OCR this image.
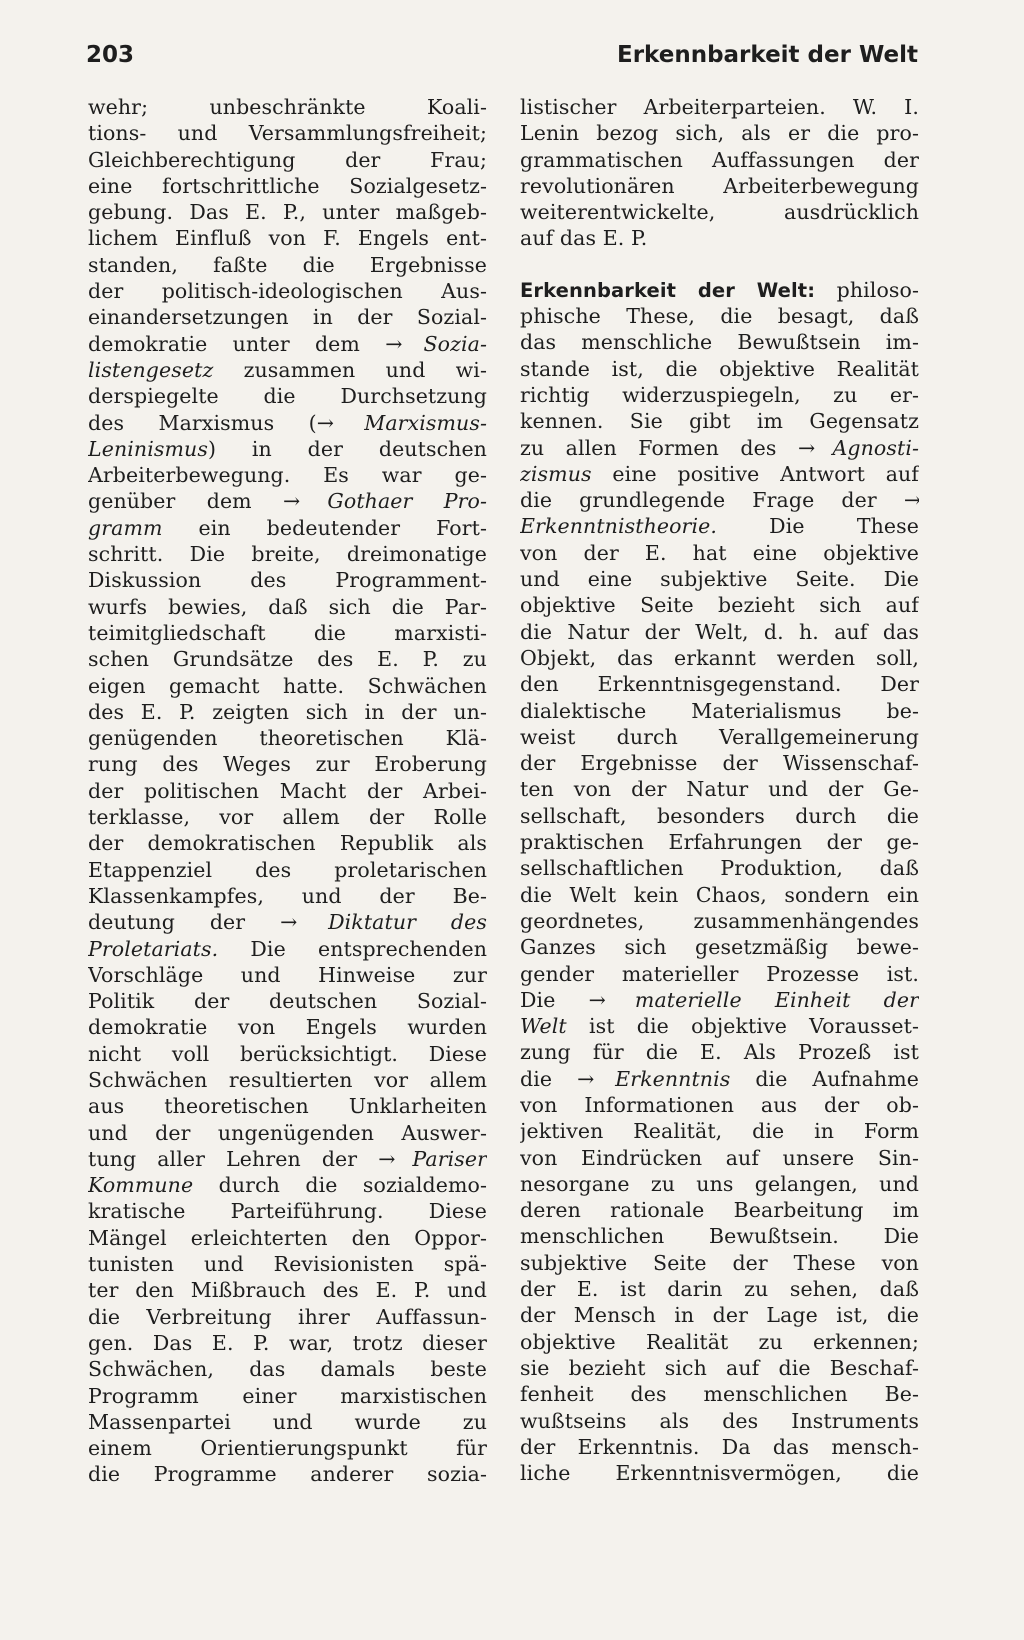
203	Erkennbarkeit der Welt
wehr; unbeschränkte Koali-
tions- und Versammlungsfreiheit;
Gleichberechtigung der Frau;
eine fortschrittliche Sozialgesetz-
gebung. Das E. P., unter maßgeb-
lichem Einfluß von F. Engels ent-
standen, faßte die Ergebnisse
der politisch-ideologischen Aus-
einandersetzungen in der Sozial-
demokratie unter dem → Sozia-
listengesetz zusammen und wi-
derspiegelte die Durchsetzung
des Marxismus (→ Marxismus-
Leninismus) in der deutschen
Arbeiterbewegung. Es war ge-
genüber dem → Gothaer Pro-
gramm ein bedeutender Fort-
schritt. Die breite, dreimonatige
Diskussion des Programment-
wurfs bewies, daß sich die Par-
teimitgliedschaft die marxisti-
schen Grundsätze des E. P. zu
eigen gemacht hatte. Schwächen
des E. P. zeigten sich in der un-
genügenden theoretischen Klä-
rung des Weges zur Eroberung
der politischen Macht der Arbei-
terklasse, vor allem der Rolle
der demokratischen Republik als
Etappenziel des proletarischen
Klassenkampfes, und der Be-
deutung der → Diktatur des
Proletariats. Die entsprechenden
Vorschläge und Hinweise zur
Politik der deutschen Sozial-
demokratie von Engels wurden
nicht voll berücksichtigt. Diese
Schwächen resultierten vor allem
aus theoretischen Unklarheiten
und der ungenügenden Auswer-
tung aller Lehren der → Pariser
Kommune durch die sozialdemo-
kratische Parteiführung. Diese
Mängel erleichterten den Oppor-
tunisten und Revisionisten spä-
ter den Mißbrauch des E. P. und
die Verbreitung ihrer Auffassun-
gen. Das E. P. war, trotz dieser
Schwächen, das damals beste
Programm einer marxistischen
Massenpartei und wurde zu
einem Orientierungspunkt für
die Programme anderer sozia-
listischer Arbeiterparteien. W. I.
Lenin bezog sich, als er die pro-
grammatischen Auffassungen der
revolutionären Arbeiterbewegung
weiterentwickelte, ausdrücklich
auf das E. P.
Erkennbarkeit der Welt: philoso-
phische These, die besagt, daß
das menschliche Bewußtsein im-
stande ist, die objektive Realität
richtig widerzuspiegeln, zu er-
kennen. Sie gibt im Gegensatz
zu allen Formen des → Agnosti-
zismus eine positive Antwort auf
die grundlegende Frage der →
Erkenntnistheorie. Die These
von der E. hat eine objektive
und eine subjektive Seite. Die
objektive Seite bezieht sich auf
die Natur der Welt, d. h. auf das
Objekt, das erkannt werden soll,
den Erkenntnisgegenstand. Der
dialektische Materialismus be-
weist durch Verallgemeinerung
der Ergebnisse der Wissenschaf-
ten von der Natur und der Ge-
sellschaft, besonders durch die
praktischen Erfahrungen der ge-
sellschaftlichen Produktion, daß
die Welt kein Chaos, sondern ein
geordnetes, zusammenhängendes
Ganzes sich gesetzmäßig bewe-
gender materieller Prozesse ist.
Die → materielle Einheit der
Welt ist die objektive Vorausset-
zung für die E. Als Prozeß ist
die → Erkenntnis die Aufnahme
von Informationen aus der ob-
jektiven Realität, die in Form
von Eindrücken auf unsere Sin-
nesorgane zu uns gelangen, und
deren rationale Bearbeitung im
menschlichen Bewußtsein. Die
subjektive Seite der These von
der E. ist darin zu sehen, daß
der Mensch in der Lage ist, die
objektive Realität zu erkennen;
sie bezieht sich auf die Beschaf-
fenheit des menschlichen Be-
wußtseins als des Instruments
der Erkenntnis. Da das mensch-
liche Erkenntnisvermögen, die
